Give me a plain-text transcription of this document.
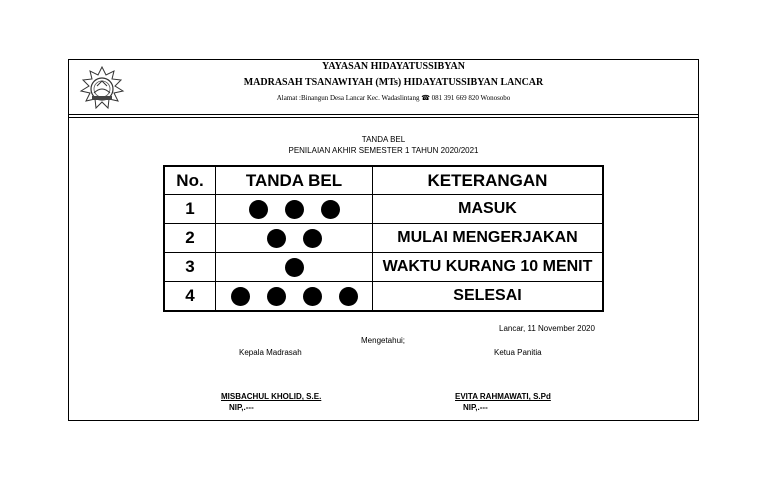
YAYASAN HIDAYATUSSIBYAN
MADRASAH TSANAWIYAH (MTs) HIDAYATUSSIBYAN LANCAR
Alamat :Binangun Desa Lancar Kec. Wadaslintang ☎ 081 391 669 820 Wonosobo
TANDA BEL
PENILAIAN AKHIR SEMESTER 1 TAHUN 2020/2021
No.	TANDA BEL	KETERANGAN
1		MASUK
2		MULAI MENGERJAKAN
3		WAKTU KURANG 10 MENIT
4		SELESAI
Lancar, 11 November 2020
Mengetahui;
Kepala Madrasah	Ketua Panitia
MISBACHUL KHOLID, S.E.
NIP,.---
EVITA RAHMAWATI, S.Pd
NIP,.---
